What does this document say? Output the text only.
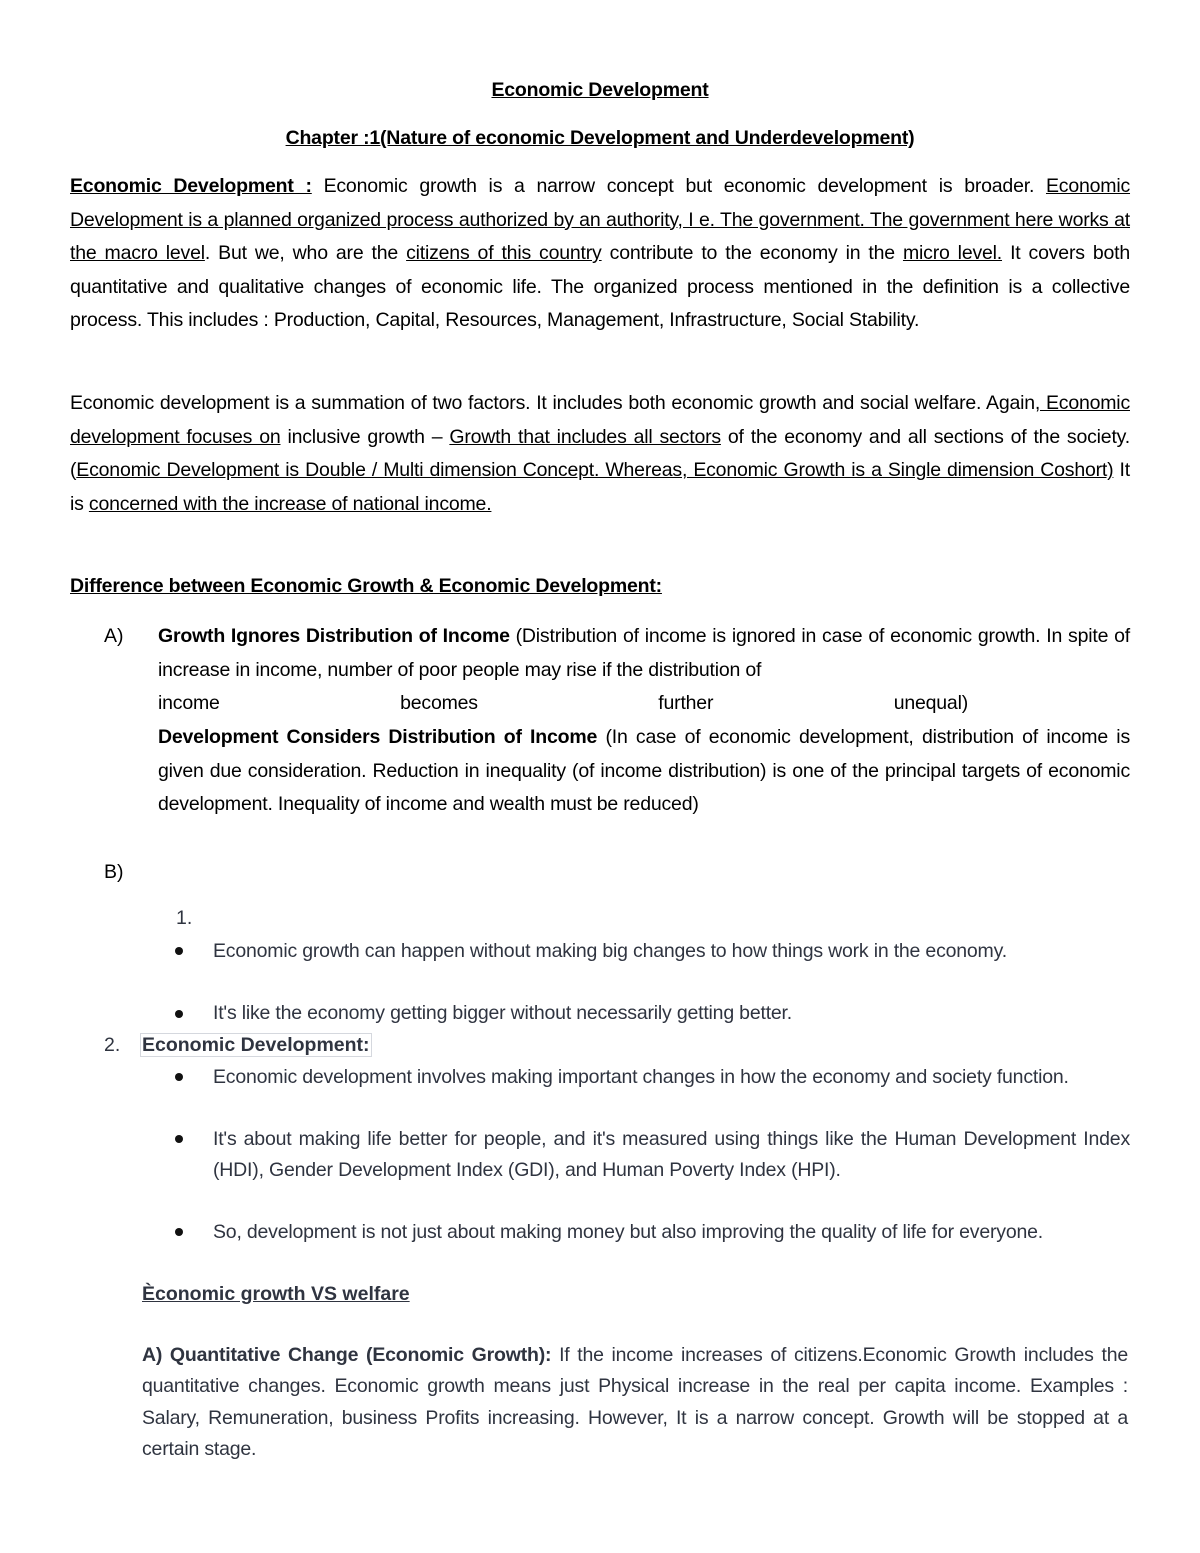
Economic Development
Chapter :1(Nature of economic Development and Underdevelopment)
Economic Development : Economic growth is a narrow concept but economic development is broader. Economic Development is a planned organized process authorized by an authority, I e. The government. The government here works at the macro level. But we, who are the citizens of this country contribute to the economy in the micro level. It covers both quantitative and qualitative changes of economic life. The organized process mentioned in the definition is a collective process. This includes : Production, Capital, Resources, Management, Infrastructure, Social Stability.
Economic development is a summation of two factors. It includes both economic growth and social welfare. Again, Economic development focuses on inclusive growth – Growth that includes all sectors of the economy and all sections of the society. (Economic Development is Double / Multi dimension Concept. Whereas, Economic Growth is a Single dimension Coshort) It is concerned with the increase of national income.
Difference between Economic Growth & Economic Development:
A) Growth Ignores Distribution of Income (Distribution of income is ignored in case of economic growth. In spite of increase in income, number of poor people may rise if the distribution of
income becomes further unequal)
Development Considers Distribution of Income (In case of economic development, distribution of income is given due consideration. Reduction in inequality (of income distribution) is one of the principal targets of economic development. Inequality of income and wealth must be reduced)
B)
1.
Economic growth can happen without making big changes to how things work in the economy.
It's like the economy getting bigger without necessarily getting better.
2. Economic Development:
Economic development involves making important changes in how the economy and society function.
It's about making life better for people, and it's measured using things like the Human Development Index (HDI), Gender Development Index (GDI), and Human Poverty Index (HPI).
So, development is not just about making money but also improving the quality of life for everyone.
Èconomic growth VS welfare
A) Quantitative Change (Economic Growth): If the income increases of citizens.Economic Growth includes the quantitative changes. Economic growth means just Physical increase in the real per capita income. Examples : Salary, Remuneration, business Profits increasing. However, It is a narrow concept. Growth will be stopped at a certain stage.
